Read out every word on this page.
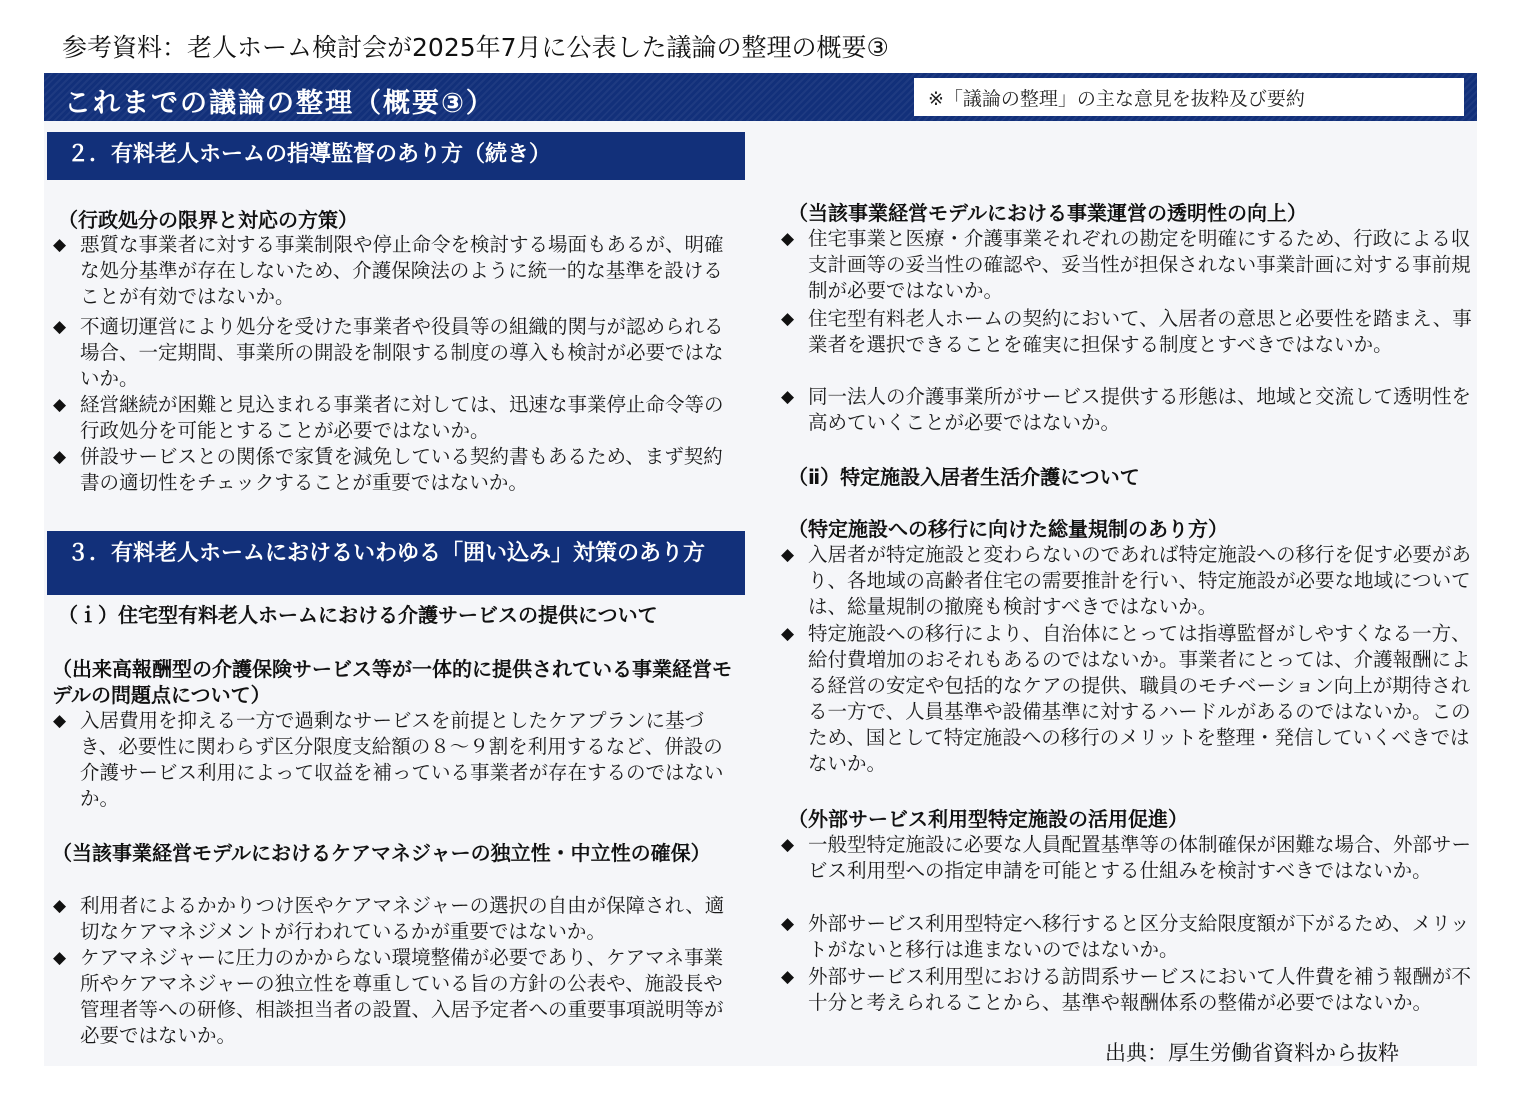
参考資料：老人ホーム検討会が2025年7月に公表した議論の整理の概要③
これまでの議論の整理（概要③）	※「議論の整理」の主な意見を抜粋及び要約
２．有料老人ホームの指導監督のあり方（続き）
（行政処分の限界と対応の方策）
◆ 悪質な事業者に対する事業制限や停止命令を検討する場面もあるが、明確な処分基準が存在しないため、介護保険法のように統一的な基準を設けることが有効ではないか。
◆ 不適切運営により処分を受けた事業者や役員等の組織的関与が認められる場合、一定期間、事業所の開設を制限する制度の導入も検討が必要ではないか。
◆ 経営継続が困難と見込まれる事業者に対しては、迅速な事業停止命令等の行政処分を可能とすることが必要ではないか。
◆ 併設サービスとの関係で家賃を減免している契約書もあるため、まず契約書の適切性をチェックすることが重要ではないか。
３．有料老人ホームにおけるいわゆる「囲い込み」対策のあり方
（ｉ）住宅型有料老人ホームにおける介護サービスの提供について
（出来高報酬型の介護保険サービス等が一体的に提供されている事業経営モデルの問題点について）
◆ 入居費用を抑える一方で過剰なサービスを前提としたケアプランに基づき、必要性に関わらず区分限度支給額の８～９割を利用するなど、併設の介護サービス利用によって収益を補っている事業者が存在するのではないか。
（当該事業経営モデルにおけるケアマネジャーの独立性・中立性の確保）
◆ 利用者によるかかりつけ医やケアマネジャーの選択の自由が保障され、適切なケアマネジメントが行われているかが重要ではないか。
◆ ケアマネジャーに圧力のかからない環境整備が必要であり、ケアマネ事業所やケアマネジャーの独立性を尊重している旨の方針の公表や、施設長や管理者等への研修、相談担当者の設置、入居予定者への重要事項説明等が必要ではないか。
（当該事業経営モデルにおける事業運営の透明性の向上）
◆ 住宅事業と医療・介護事業それぞれの勘定を明確にするため、行政による収支計画等の妥当性の確認や、妥当性が担保されない事業計画に対する事前規制が必要ではないか。
◆ 住宅型有料老人ホームの契約において、入居者の意思と必要性を踏まえ、事業者を選択できることを確実に担保する制度とすべきではないか。
◆ 同一法人の介護事業所がサービス提供する形態は、地域と交流して透明性を高めていくことが必要ではないか。
（ⅱ）特定施設入居者生活介護について
（特定施設への移行に向けた総量規制のあり方）
◆ 入居者が特定施設と変わらないのであれば特定施設への移行を促す必要があり、各地域の高齢者住宅の需要推計を行い、特定施設が必要な地域については、総量規制の撤廃も検討すべきではないか。
◆ 特定施設への移行により、自治体にとっては指導監督がしやすくなる一方、給付費増加のおそれもあるのではないか。事業者にとっては、介護報酬による経営の安定や包括的なケアの提供、職員のモチベーション向上が期待される一方で、人員基準や設備基準に対するハードルがあるのではないか。このため、国として特定施設への移行のメリットを整理・発信していくべきではないか。
（外部サービス利用型特定施設の活用促進）
◆ 一般型特定施設に必要な人員配置基準等の体制確保が困難な場合、外部サービス利用型への指定申請を可能とする仕組みを検討すべきではないか。
◆ 外部サービス利用型特定へ移行すると区分支給限度額が下がるため、メリットがないと移行は進まないのではないか。
◆ 外部サービス利用型における訪問系サービスにおいて人件費を補う報酬が不十分と考えられることから、基準や報酬体系の整備が必要ではないか。
出典：厚生労働省資料から抜粋
